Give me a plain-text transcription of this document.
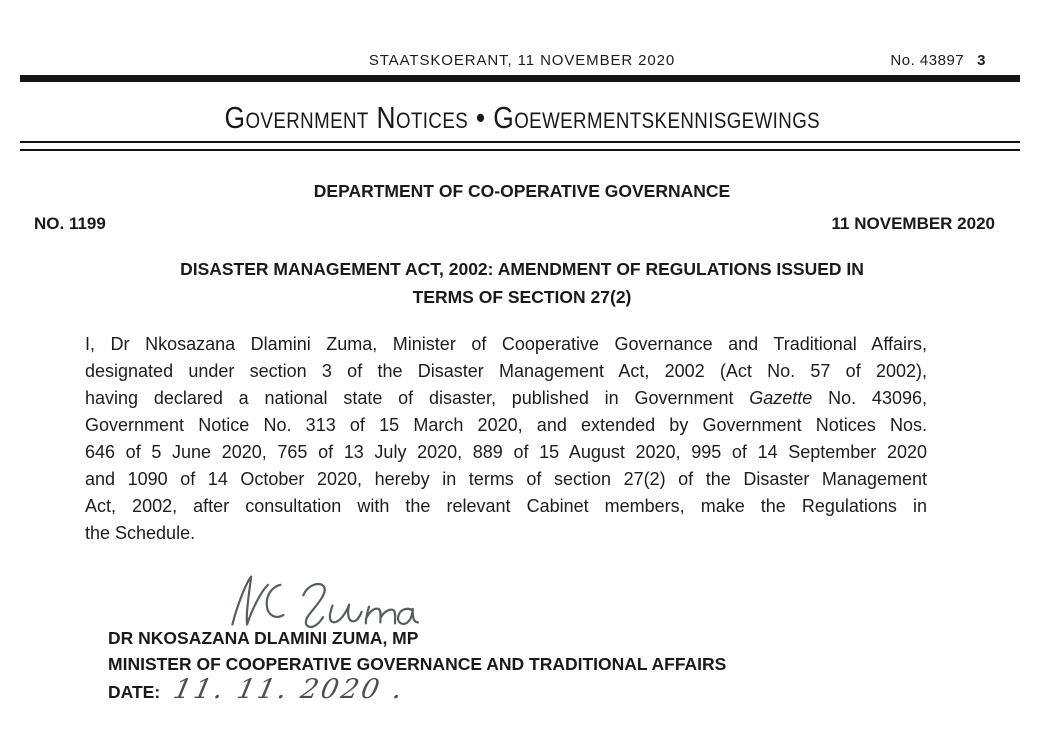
STAATSKOERANT, 11 NOVEMBER 2020	No. 43897 3
Government Notices • Goewermentskennisgewings
DEPARTMENT OF CO-OPERATIVE GOVERNANCE
NO. 1199	11 NOVEMBER 2020
DISASTER MANAGEMENT ACT, 2002: AMENDMENT OF REGULATIONS ISSUED IN
TERMS OF SECTION 27(2)
I, Dr Nkosazana Dlamini Zuma, Minister of Cooperative Governance and Traditional Affairs,
designated under section 3 of the Disaster Management Act, 2002 (Act No. 57 of 2002),
having declared a national state of disaster, published in Government Gazette No. 43096,
Government Notice No. 313 of 15 March 2020, and extended by Government Notices Nos.
646 of 5 June 2020, 765 of 13 July 2020, 889 of 15 August 2020, 995 of 14 September 2020
and 1090 of 14 October 2020, hereby in terms of section 27(2) of the Disaster Management
Act, 2002, after consultation with the relevant Cabinet members, make the Regulations in
the Schedule.
DR NKOSAZANA DLAMINI ZUMA, MP
MINISTER OF COOPERATIVE GOVERNANCE AND TRADITIONAL AFFAIRS
DATE: 11. 11. 2020 .
